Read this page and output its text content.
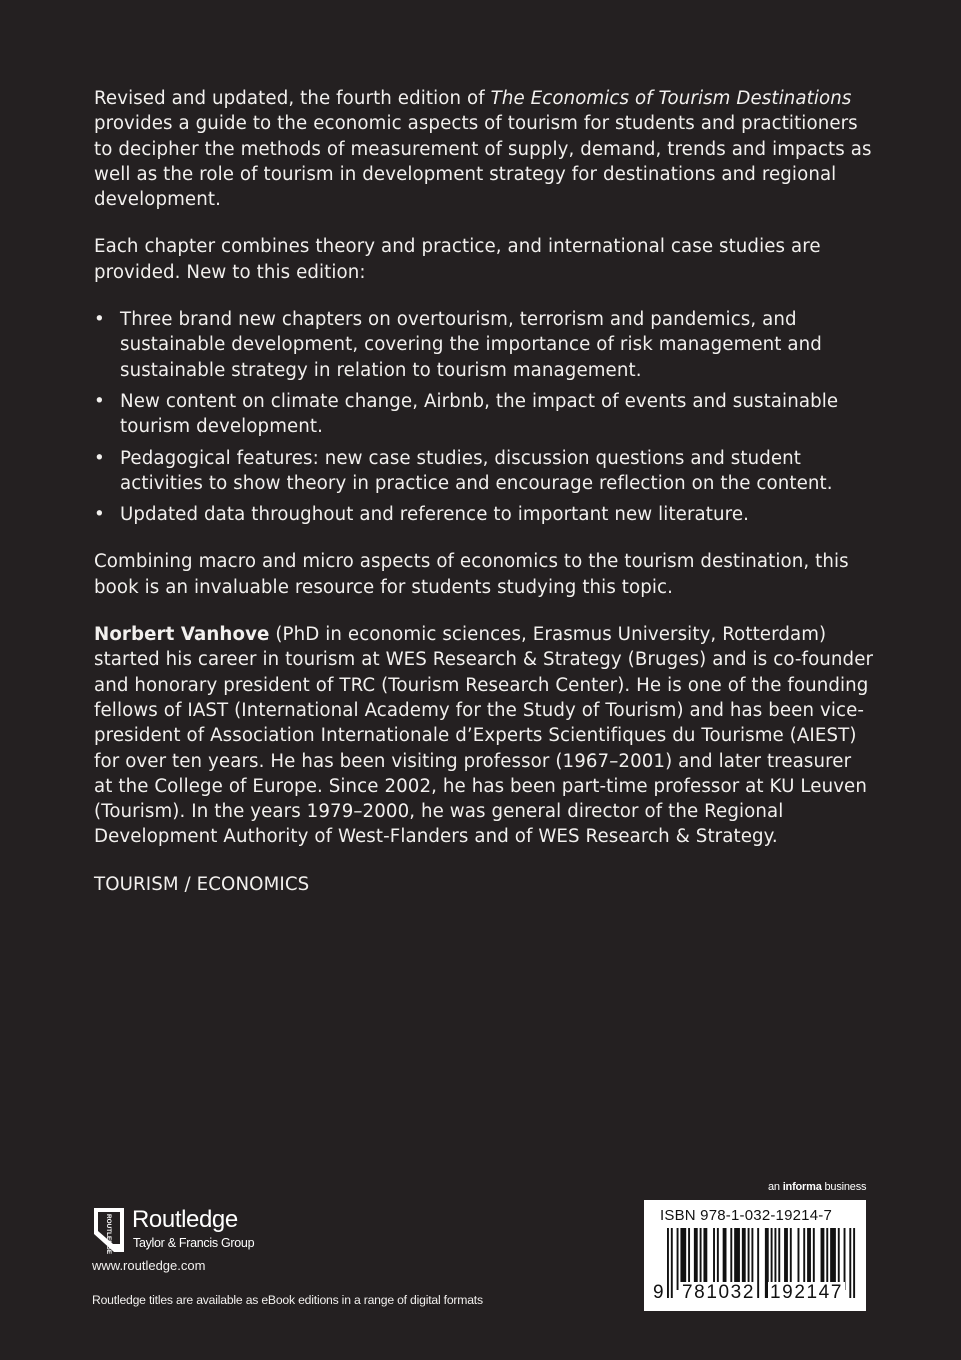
Revised and updated, the fourth edition of The Economics of Tourism Destinations provides a guide to the economic aspects of tourism for students and practitioners to decipher the methods of measurement of supply, demand, trends and impacts as well as the role of tourism in development strategy for destinations and regional development.

Each chapter combines theory and practice, and international case studies are provided. New to this edition:

• Three brand new chapters on overtourism, terrorism and pandemics, and sustainable development, covering the importance of risk management and sustainable strategy in relation to tourism management.
• New content on climate change, Airbnb, the impact of events and sustainable tourism development.
• Pedagogical features: new case studies, discussion questions and student activities to show theory in practice and encourage reflection on the content.
• Updated data throughout and reference to important new literature.

Combining macro and micro aspects of economics to the tourism destination, this book is an invaluable resource for students studying this topic.

Norbert Vanhove (PhD in economic sciences, Erasmus University, Rotterdam) started his career in tourism at WES Research & Strategy (Bruges) and is co-founder and honorary president of TRC (Tourism Research Center). He is one of the founding fellows of IAST (International Academy for the Study of Tourism) and has been vice-president of Association Internationale d’Experts Scientifiques du Tourisme (AIEST) for over ten years. He has been visiting professor (1967–2001) and later treasurer at the College of Europe. Since 2002, he has been part-time professor at KU Leuven (Tourism). In the years 1979–2000, he was general director of the Regional Development Authority of West-Flanders and of WES Research & Strategy.

TOURISM / ECONOMICS

ROUTLEDGE Routledge
Taylor & Francis Group
www.routledge.com
Routledge titles are available as eBook editions in a range of digital formats
an informa business
ISBN 978-1-032-19214-7
9 781032 192147
